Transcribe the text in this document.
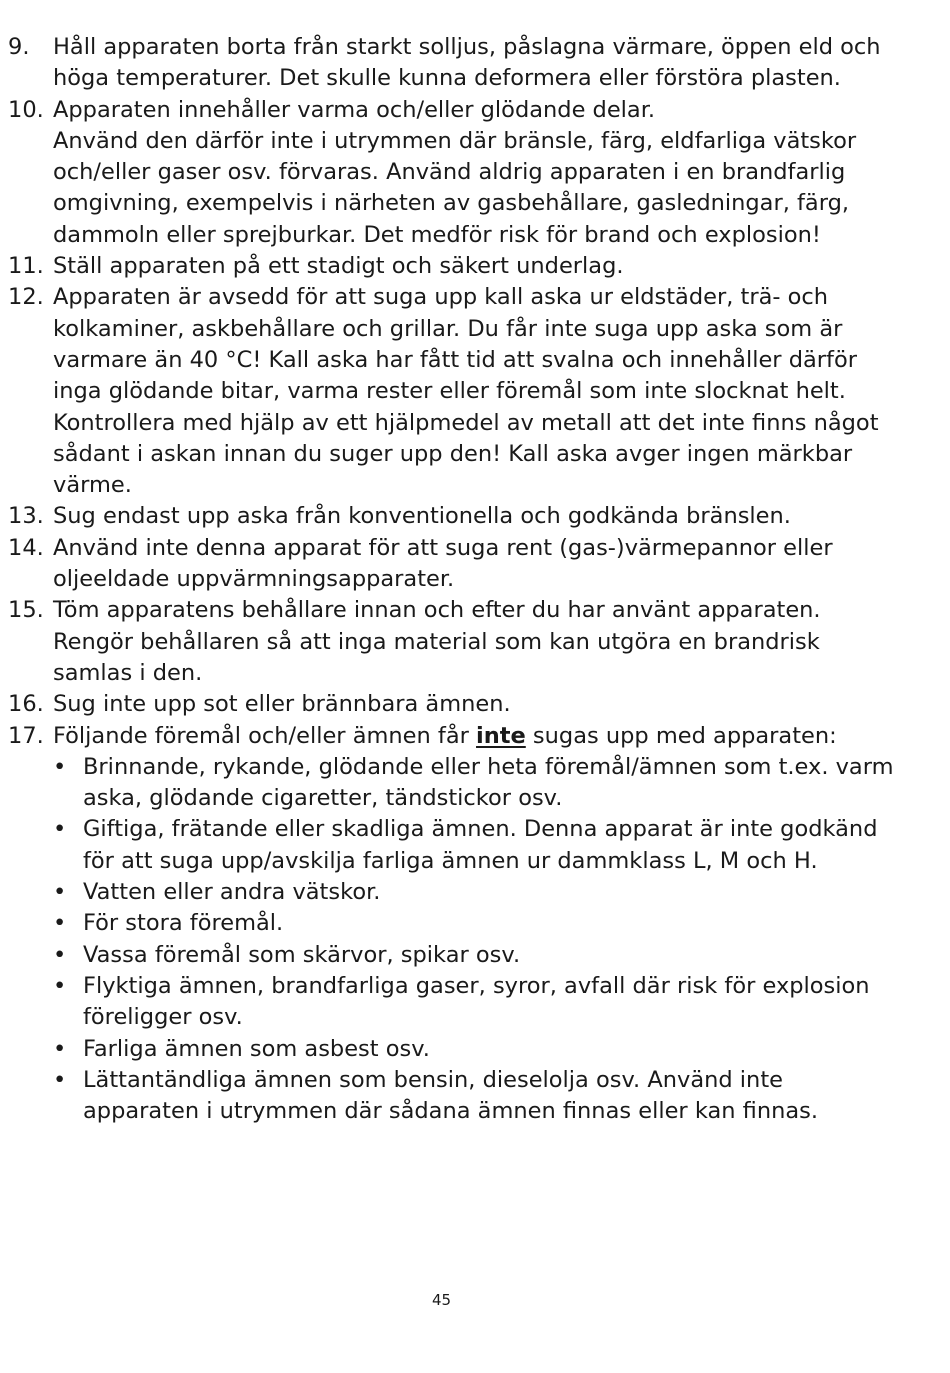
9. Håll apparaten borta från starkt solljus, påslagna värmare, öppen eld och höga temperaturer. Det skulle kunna deformera eller förstöra plasten.
10. Apparaten innehåller varma och/eller glödande delar.
Använd den därför inte i utrymmen där bränsle, färg, eldfarliga vätskor och/eller gaser osv. förvaras. Använd aldrig apparaten i en brandfarlig omgivning, exempelvis i närheten av gasbehållare, gasledningar, färg, dammoln eller sprejburkar. Det medför risk för brand och explosion!
11. Ställ apparaten på ett stadigt och säkert underlag.
12. Apparaten är avsedd för att suga upp kall aska ur eldstäder, trä- och kolkaminer, askbehållare och grillar. Du får inte suga upp aska som är varmare än 40 °C! Kall aska har fått tid att svalna och innehåller därför inga glödande bitar, varma rester eller föremål som inte slocknat helt. Kontrollera med hjälp av ett hjälpmedel av metall att det inte finns något sådant i askan innan du suger upp den! Kall aska avger ingen märkbar värme.
13. Sug endast upp aska från konventionella och godkända bränslen.
14. Använd inte denna apparat för att suga rent (gas-)värmepannor eller oljeeldade uppvärmningsapparater.
15. Töm apparatens behållare innan och efter du har använt apparaten. Rengör behållaren så att inga material som kan utgöra en brandrisk samlas i den.
16. Sug inte upp sot eller brännbara ämnen.
17. Följande föremål och/eller ämnen får inte sugas upp med apparaten:
• Brinnande, rykande, glödande eller heta föremål/ämnen som t.ex. varm aska, glödande cigaretter, tändstickor osv.
• Giftiga, frätande eller skadliga ämnen. Denna apparat är inte godkänd för att suga upp/avskilja farliga ämnen ur dammklass L, M och H.
• Vatten eller andra vätskor.
• För stora föremål.
• Vassa föremål som skärvor, spikar osv.
• Flyktiga ämnen, brandfarliga gaser, syror, avfall där risk för explosion föreligger osv.
• Farliga ämnen som asbest osv.
• Lättantändliga ämnen som bensin, dieselolja osv. Använd inte apparaten i utrymmen där sådana ämnen finnas eller kan finnas.
45
